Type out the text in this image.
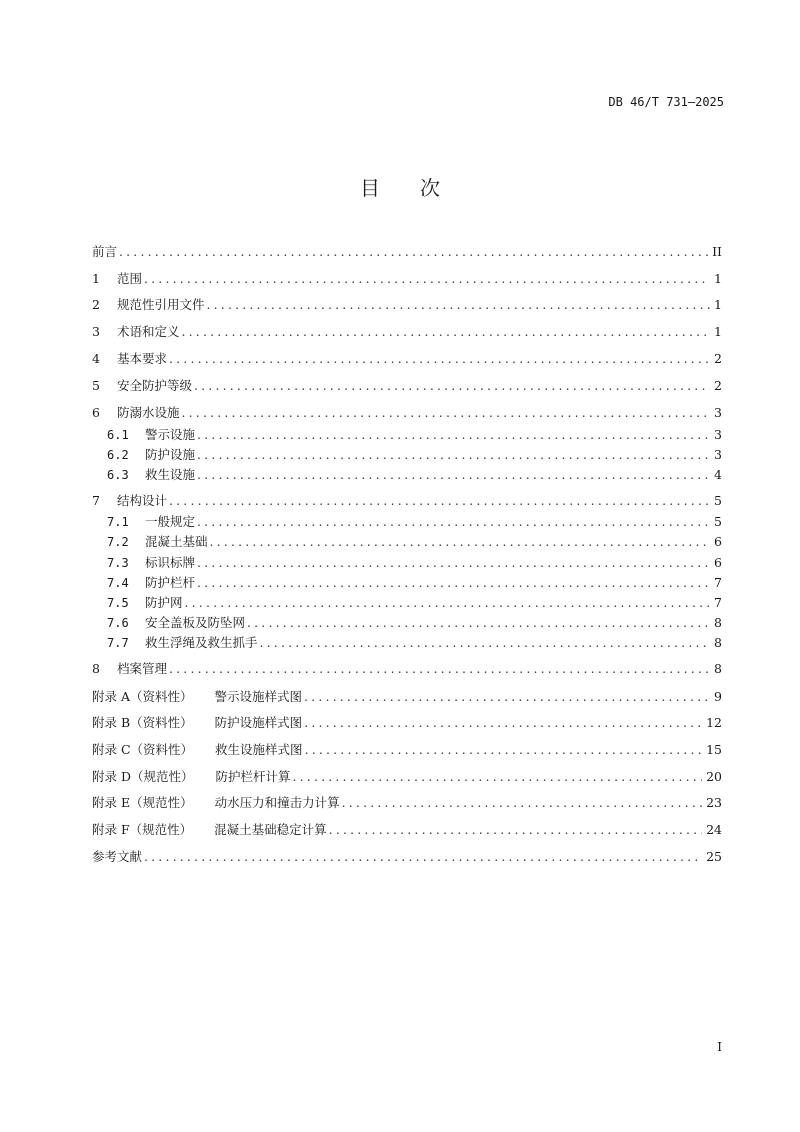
DB 46/T 731—2025
目 次
前言 . . .	II
1	范围 . . .	1
2	规范性引用文件 . . .	1
3	术语和定义 . . .	1
4	基本要求 . . .	2
5	安全防护等级 . . .	2
6	防溺水设施 . . .	3
6.1	警示设施 . . .	3
6.2	防护设施 . . .	3
6.3	救生设施 . . .	4
7	结构设计 . . .	5
7.1	一般规定 . . .	5
7.2	混凝土基础 . . .	6
7.3	标识标牌 . . .	6
7.4	防护栏杆 . . .	7
7.5	防护网 . . .	7
7.6	安全盖板及防坠网 . . .	8
7.7	救生浮绳及救生抓手 . . .	8
8	档案管理 . . .	8
附录 A（资料性） 警示设施样式图 . . .	9
附录 B（资料性） 防护设施样式图 . . .	12
附录 C（资料性） 救生设施样式图 . . .	15
附录 D（规范性） 防护栏杆计算 . . .	20
附录 E（规范性） 动水压力和撞击力计算 . . .	23
附录 F（规范性） 混凝土基础稳定计算 . . .	24
参考文献 . . .	25
I
